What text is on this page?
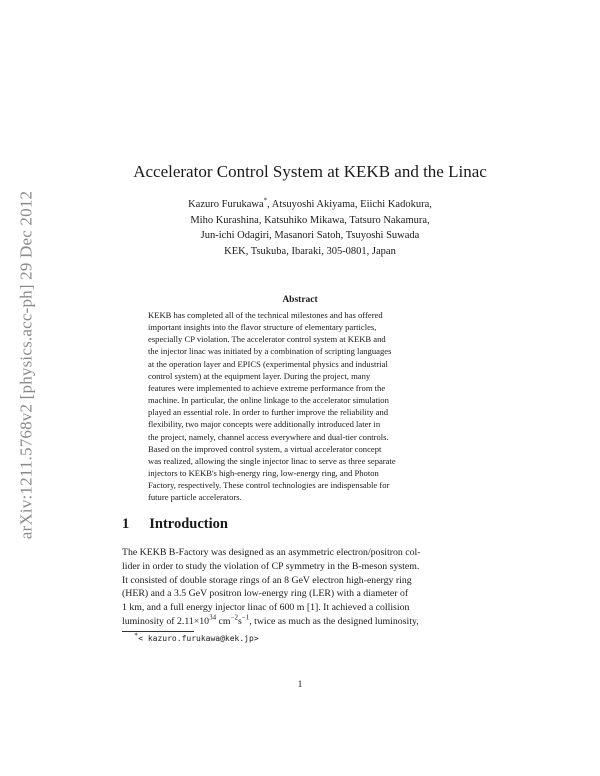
arXiv:1211.5768v2 [physics.acc-ph] 29 Dec 2012
Accelerator Control System at KEKB and the Linac
Kazuro Furukawa*, Atsuyoshi Akiyama, Eiichi Kadokura,
Miho Kurashina, Katsuhiko Mikawa, Tatsuro Nakamura,
Jun-ichi Odagiri, Masanori Satoh, Tsuyoshi Suwada
KEK, Tsukuba, Ibaraki, 305-0801, Japan
Abstract
KEKB has completed all of the technical milestones and has offered
important insights into the flavor structure of elementary particles,
especially CP violation. The accelerator control system at KEKB and
the injector linac was initiated by a combination of scripting languages
at the operation layer and EPICS (experimental physics and industrial
control system) at the equipment layer. During the project, many
features were implemented to achieve extreme performance from the
machine. In particular, the online linkage to the accelerator simulation
played an essential role. In order to further improve the reliability and
flexibility, two major concepts were additionally introduced later in
the project, namely, channel access everywhere and dual-tier controls.
Based on the improved control system, a virtual accelerator concept
was realized, allowing the single injector linac to serve as three separate
injectors to KEKB's high-energy ring, low-energy ring, and Photon
Factory, respectively. These control technologies are indispensable for
future particle accelerators.
1 Introduction
The KEKB B-Factory was designed as an asymmetric electron/positron col-
lider in order to study the violation of CP symmetry in the B-meson system.
It consisted of double storage rings of an 8 GeV electron high-energy ring
(HER) and a 3.5 GeV positron low-energy ring (LER) with a diameter of
1 km, and a full energy injector linac of 600 m [1]. It achieved a collision
luminosity of $2.11\times 10^{34}$ $cm^{-2}s^{-1}$, twice as much as the designed luminosity,
*< kazuro.furukawa@kek.jp>
1
